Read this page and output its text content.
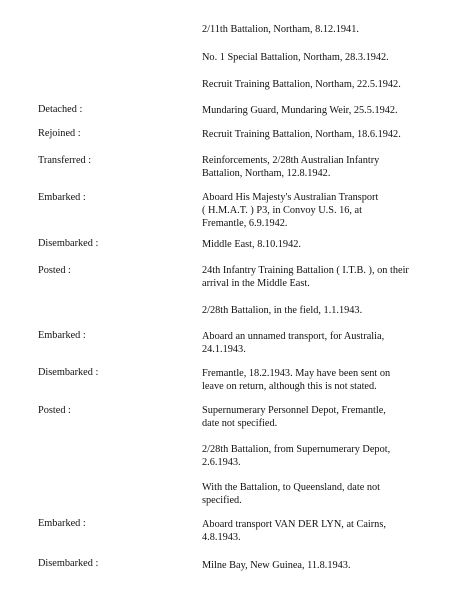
2/11th Battalion, Northam, 8.12.1941.
No. 1 Special Battalion, Northam, 28.3.1942.
Recruit Training Battalion, Northam, 22.5.1942.
Detached :	Mundaring Guard, Mundaring Weir, 25.5.1942.
Rejoined :	Recruit Training Battalion, Northam, 18.6.1942.
Transferred :	Reinforcements, 2/28th Australian Infantry
Battalion, Northam, 12.8.1942.
Embarked :	Aboard His Majesty's Australian Transport
( H.M.A.T. ) P3, in Convoy U.S. 16, at
Fremantle, 6.9.1942.
Disembarked :	Middle East, 8.10.1942.
Posted :	24th Infantry Training Battalion ( I.T.B. ), on their
arrival in the Middle East.
2/28th Battalion, in the field, 1.1.1943.
Embarked :	Aboard an unnamed transport, for Australia,
24.1.1943.
Disembarked :	Fremantle, 18.2.1943. May have been sent on
leave on return, although this is not stated.
Posted :	Supernumerary Personnel Depot, Fremantle,
date not specified.
2/28th Battalion, from Supernumerary Depot,
2.6.1943.
With the Battalion, to Queensland, date not
specified.
Embarked :	Aboard transport VAN DER LYN, at Cairns,
4.8.1943.
Disembarked :	Milne Bay, New Guinea, 11.8.1943.
